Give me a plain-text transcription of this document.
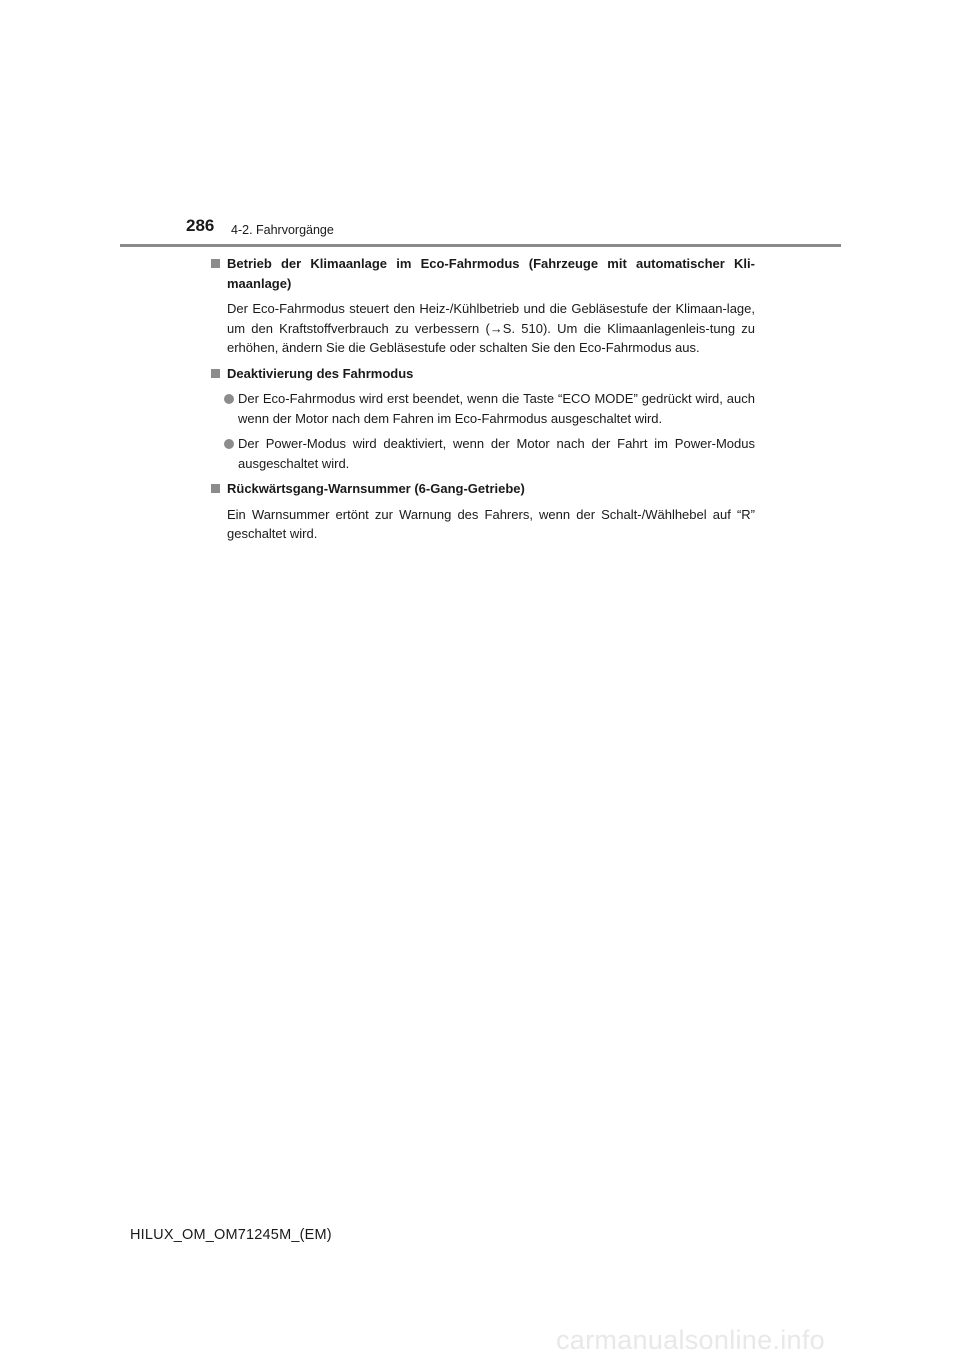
286 4-2. Fahrvorgänge
Betrieb der Klimaanlage im Eco-Fahrmodus (Fahrzeuge mit automatischer Kli-maanlage)
Der Eco-Fahrmodus steuert den Heiz-/Kühlbetrieb und die Gebläsestufe der Klimaan-lage, um den Kraftstoffverbrauch zu verbessern (→S. 510). Um die Klimaanlagenleis-tung zu erhöhen, ändern Sie die Gebläsestufe oder schalten Sie den Eco-Fahrmodus aus.
Deaktivierung des Fahrmodus
Der Eco-Fahrmodus wird erst beendet, wenn die Taste “ECO MODE” gedrückt wird, auch wenn der Motor nach dem Fahren im Eco-Fahrmodus ausgeschaltet wird.
Der Power-Modus wird deaktiviert, wenn der Motor nach der Fahrt im Power-Modus ausgeschaltet wird.
Rückwärtsgang-Warnsummer (6-Gang-Getriebe)
Ein Warnsummer ertönt zur Warnung des Fahrers, wenn der Schalt-/Wählhebel auf “R” geschaltet wird.
HILUX_OM_OM71245M_(EM)
carmanualsonline.info
